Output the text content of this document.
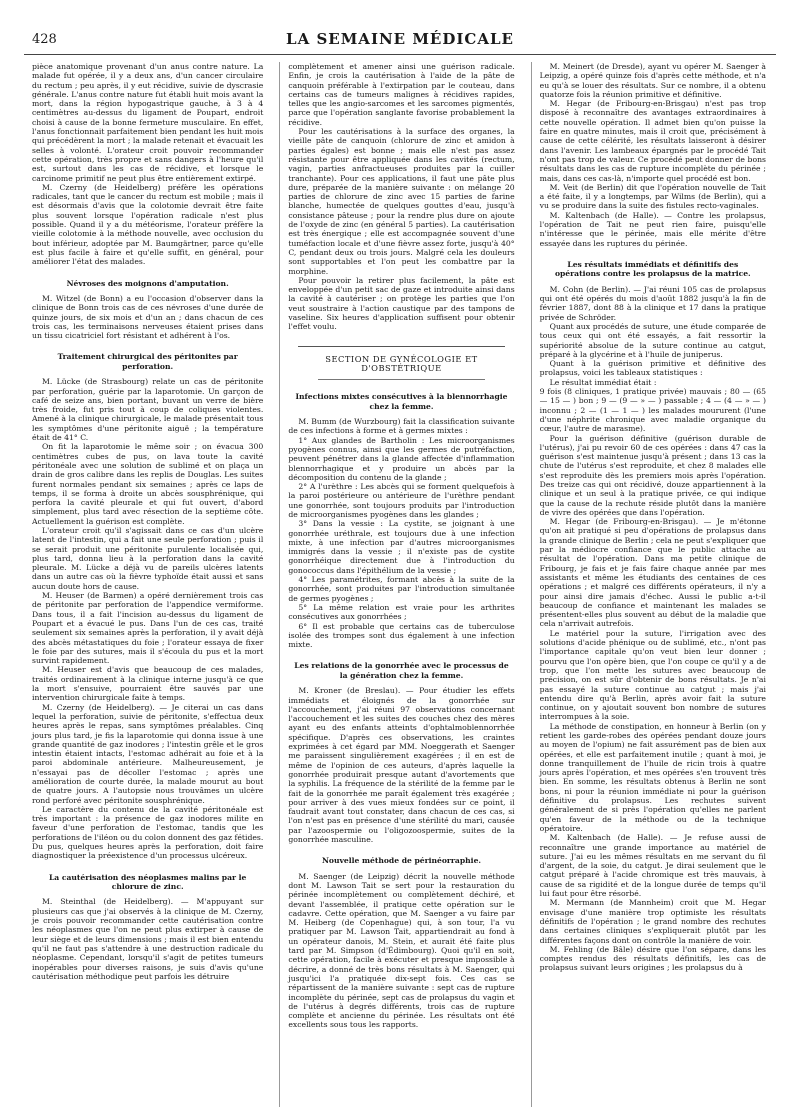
428	LA SEMAINE MÉDICALE

pièce anatomique provenant d'un anus contre nature. La malade fut opérée, il y a deux ans, d'un cancer circulaire du rectum ; peu après, il y eut récidive, suivie de dyscrasie générale. L'anus contre nature fut établi huit mois avant la mort, dans la région hypogastrique gauche, à 3 à 4 centimètres au-dessus du ligament de Poupart, endroit choisi à cause de la bonne fermeture musculaire. En effet, l'anus fonctionnait parfaitement bien pendant les huit mois qui précédèrent la mort ; la malade retenait et évacuait les selles à volonté. L'orateur croit pouvoir recommander cette opération, très propre et sans dangers à l'heure qu'il est, surtout dans les cas de récidive, et lorsque le carcinome primitif ne peut plus être entièrement extirpé.

M. Czerny (de Heidelberg) préfère les opérations radicales, tant que le cancer du rectum est mobile ; mais il est désormais d'avis que la colotomie devrait être faite plus souvent lorsque l'opération radicale n'est plus possible. Quand il y a du météorisme, l'orateur préfère la vieille colotomie à la méthode nouvelle, avec occlusion du bout inférieur, adoptée par M. Baumgärtner, parce qu'elle est plus facile à faire et qu'elle suffit, en général, pour améliorer l'état des malades.

Névroses des moignons d'amputation.

M. Witzel (de Bonn) a eu l'occasion d'observer dans la clinique de Bonn trois cas de ces névroses d'une durée de quinze jours, de six mois et d'un an ; dans chacun de ces trois cas, les terminaisons nerveuses étaient prises dans un tissu cicatriciel fort résistant et adhérent à l'os.

Traitement chirurgical des péritonites par perforation.

M. Lücke (de Strasbourg) relate un cas de péritonite par perforation, guérie par la laparotomie. Un garçon de café de seize ans, bien portant, buvant un verre de bière très froide, fut pris tout à coup de coliques violentes. Amené à la clinique chirurgicale, le malade présentait tous les symptômes d'une péritonite aiguë ; la température était de 41° C.

On fit la laparotomie le même soir ; on évacua 300 centimètres cubes de pus, on lava toute la cavité péritonéale avec une solution de sublimé et on plaça un drain de gros calibre dans les replis de Douglas. Les suites furent normales pendant six semaines ; après ce laps de temps, il se forma à droite un abcès sousphrénique, qui perfora la cavité pleurale et qui fut ouvert, d'abord simplement, plus tard avec résection de la septième côte. Actuellement la guérison est complète.

L'orateur croit qu'il s'agissait dans ce cas d'un ulcère latent de l'intestin, qui a fait une seule perforation ; puis il se serait produit une péritonite purulente localisée qui, plus tard, donna lieu à la perforation dans la cavité pleurale. M. Lücke a déjà vu de pareils ulcères latents dans un autre cas où la fièvre typhoïde était aussi et sans aucun doute hors de cause.

M. Heuser (de Barmen) a opéré dernièrement trois cas de péritonite par perforation de l'appendice vermiforme. Dans tous, il a fait l'incision au-dessus du ligament de Poupart et a évacué le pus. Dans l'un de ces cas, traité seulement six semaines après la perforation, il y avait déjà des abcès métastatiques du foie ; l'orateur essaya de fixer le foie par des sutures, mais il s'écoula du pus et la mort survint rapidement.

M. Heuser est d'avis que beaucoup de ces malades, traités ordinairement à la clinique interne jusqu'à ce que la mort s'ensuive, pourraient être sauvés par une intervention chirurgicale faite à temps.

M. Czerny (de Heidelberg). — Je citerai un cas dans lequel la perforation, suivie de péritonite, s'effectua deux heures après le repas, sans symptômes préalables. Cinq jours plus tard, je fis la laparotomie qui donna issue à une grande quantité de gaz inodores ; l'intestin grêle et le gros intestin étaient intacts, l'estomac adhérait au foie et à la paroi abdominale antérieure. Malheureusement, je n'essayai pas de décoller l'estomac ; après une amélioration de courte durée, la malade mourut au bout de quatre jours. A l'autopsie nous trouvâmes un ulcère rond perforé avec péritonite sousphrénique.

Le caractère du contenu de la cavité péritonéale est très important : la présence de gaz inodores milite en faveur d'une perforation de l'estomac, tandis que les perforations de l'iléon ou du colon donnent des gaz fétides. Du pus, quelques heures après la perforation, doit faire diagnostiquer la préexistence d'un processus ulcéreux.

La cautérisation des néoplasmes malins par le chlorure de zinc.

M. Steinthal (de Heidelberg). — M'appuyant sur plusieurs cas que j'ai observés à la clinique de M. Czerny, je crois pouvoir recommander cette cautérisation contre les néoplasmes que l'on ne peut plus extirper à cause de leur siège et de leurs dimensions ; mais il est bien entendu qu'il ne faut pas s'attendre à une destruction radicale du néoplasme. Cependant, lorsqu'il s'agit de petites tumeurs inopérables pour diverses raisons, je suis d'avis qu'une cautérisation méthodique peut parfois les détruire

complètement et amener ainsi une guérison radicale. Enfin, je crois la cautérisation à l'aide de la pâte de canquoin préférable à l'extirpation par le couteau, dans certains cas de tumeurs malignes à récidives rapides, telles que les angio-sarcomes et les sarcomes pigmentés, parce que l'opération sanglante favorise probablement la récidive.

Pour les cautérisations à la surface des organes, la vieille pâte de canquoin (chlorure de zinc et amidon à parties égales) est bonne ; mais elle n'est pas assez résistante pour être appliquée dans les cavités (rectum, vagin, parties anfractueuses produites par la cuiller tranchante). Pour ces applications, il faut une pâte plus dure, préparée de la manière suivante : on mélange 20 parties de chlorure de zinc avec 15 parties de farine blanche, humectée de quelques gouttes d'eau, jusqu'à consistance pâteuse ; pour la rendre plus dure on ajoute de l'oxyde de zinc (en général 5 parties). La cautérisation est très énergique ; elle est accompagnée souvent d'une tuméfaction locale et d'une fièvre assez forte, jusqu'à 40° C, pendant deux ou trois jours. Malgré cela les douleurs sont supportables et l'on peut les combattre par la morphine.

Pour pouvoir la retirer plus facilement, la pâte est enveloppée d'un petit sac de gaze et introduite ainsi dans la cavité à cautériser ; on protège les parties que l'on veut soustraire à l'action caustique par des tampons de vaseline. Six heures d'application suffisent pour obtenir l'effet voulu.

SECTION DE GYNÉCOLOGIE ET D'OBSTÉTRIQUE
Infections mixtes consécutives à la blennorrhagie chez la femme.

M. Bumm (de Wurzbourg) fait la classification suivante de ces infections à forme et à germes mixtes :

1° Aux glandes de Bartholin : Les microorganismes pyogènes connus, ainsi que les germes de putréfaction, peuvent pénétrer dans la glande affectée d'inflammation blennorrhagique et y produire un abcès par la décomposition du contenu de la glande ;

2° A l'urèthre : Les abcès qui se forment quelquefois à la paroi postérieure ou antérieure de l'urèthre pendant une gonorrhée, sont toujours produits par l'introduction de microorganismes pyogènes dans les glandes ;

3° Dans la vessie : La cystite, se joignant à une gonorrhée uréthrale, est toujours due à une infection mixte, à une infection par d'autres microorganismes immigrés dans la vessie ; il n'existe pas de cystite gonorrhéique directement due à l'introduction du gonococcus dans l'épithélium de la vessie ;

4° Les paramétrites, formant abcès à la suite de la gonorrhée, sont produites par l'introduction simultanée de germes pyogènes ;

5° La même relation est vraie pour les arthrites consécutives aux gonorrhées ;

6° Il est probable que certains cas de tuberculose isolée des trompes sont dus également à une infection mixte.

Les relations de la gonorrhée avec le processus de la génération chez la femme.

M. Kroner (de Breslau). — Pour étudier les effets immédiats et éloignés de la gonorrhée sur l'accouchement, j'ai réuni 97 observations concernant l'accouchement et les suites des couches chez des mères ayant eu des enfants atteints d'ophtalmoblennorrhée spécifique. D'après ces observations, les craintes exprimées à cet égard par MM. Noeggerath et Saenger me paraissent singulièrement exagérées ; il en est de même de l'opinion de ces auteurs, d'après laquelle la gonorrhée produirait presque autant d'avortements que la syphilis. La fréquence de la stérilité de la femme par le fait de la gonorrhée me paraît également très exagérée ; pour arriver à des vues mieux fondées sur ce point, il faudrait avant tout constater, dans chacun de ces cas, si l'on n'est pas en présence d'une stérilité du mari, causée par l'azoospermie ou l'oligozoospermie, suites de la gonorrhée masculine.

Nouvelle méthode de périnéorraphie.

M. Saenger (de Leipzig) décrit la nouvelle méthode dont M. Lawson Tait se sert pour la restauration du périnée incomplètement ou complètement déchiré, et devant l'assemblée, il pratique cette opération sur le cadavre. Cette opération, que M. Saenger a vu faire par M. Heiberg (de Copenhague) qui, à son tour, l'a vu pratiquer par M. Lawson Tait, appartiendrait au fond à un opérateur danois, M. Stein, et aurait été faite plus tard par M. Simpson (d'Édimbourg). Quoi qu'il en soit, cette opération, facile à exécuter et presque impossible à décrire, a donné de très bons résultats à M. Saenger, qui jusqu'ici l'a pratiquée dix-sept fois. Ces cas se répartissent de la manière suivante : sept cas de rupture incomplète du périnée, sept cas de prolapsus du vagin et de l'utérus à degrés différents, trois cas de rupture complète et ancienne du périnée. Les résultats ont été excellents sous tous les rapports.

M. Meinert (de Dresde), ayant vu opérer M. Saenger à Leipzig, a opéré quinze fois d'après cette méthode, et n'a eu qu'à se louer des résultats. Sur ce nombre, il a obtenu quatorze fois la réunion primitive et définitive.

M. Hegar (de Fribourg-en-Brisgau) n'est pas trop disposé à reconnaître des avantages extraordinaires à cette nouvelle opération. Il admet bien qu'on puisse la faire en quatre minutes, mais il croit que, précisément à cause de cette célérité, les résultats laisseront à désirer dans l'avenir. Les lambeaux épargnés par le procédé Tait n'ont pas trop de valeur. Ce procédé peut donner de bons résultats dans les cas de rupture incomplète du périnée ; mais, dans ces cas-là, n'importe quel procédé est bon.

M. Veit (de Berlin) dit que l'opération nouvelle de Tait a été faite, il y a longtemps, par Wilms (de Berlin), qui a vu se produire dans la suite des fistules recto-vaginales.

M. Kaltenbach (de Halle). — Contre les prolapsus, l'opération de Tait ne peut rien faire, puisqu'elle n'intéresse que le périnée, mais elle mérite d'être essayée dans les ruptures du périnée.

Les résultats immédiats et définitifs des opérations contre les prolapsus de la matrice.

M. Cohn (de Berlin). — J'ai réuni 105 cas de prolapsus qui ont été opérés du mois d'août 1882 jusqu'à la fin de février 1887, dont 88 à la clinique et 17 dans la pratique privée de Schröder.

Quant aux procédés de suture, une étude comparée de tous ceux qui ont été essayés, a fait ressortir la supériorité absolue de la suture continue au catgut, préparé à la glycérine et à l'huile de juniperus.

Quant à la guérison primitive et définitive des prolapsus, voici les tableaux statistiques :

Le résultat immédiat était :

9 fois (8 cliniques, 1 pratique privée) mauvais ; 80 — (65 — 15 — ) bon ; 9 — (9 — » — ) passable ; 4 — (4 — » — ) inconnu ; 2 — (1 — 1 — ) les malades moururent (l'une d'une néphrite chronique avec maladie organique du cœur, l'autre de marasme).

Pour la guérison définitive (guérison durable de l'utérus), j'ai pu revoir 60 de ces opérées : dans 47 cas la guérison s'est maintenue jusqu'à présent ; dans 13 cas la chute de l'utérus s'est reproduite, et chez 8 malades elle s'est reproduite dès les premiers mois après l'opération. Des treize cas qui ont récidivé, douze appartiennent à la clinique et un seul à la pratique privée, ce qui indique que la cause de la rechute réside plutôt dans la manière de vivre des opérées que dans l'opération.

M. Hegar (de Fribourg-en-Brisgau). — Je m'étonne qu'on ait pratiqué si peu d'opérations de prolapsus dans la grande clinique de Berlin ; cela ne peut s'expliquer que par la médiocre confiance que le public attache au résultat de l'opération. Dans ma petite clinique de Fribourg, je fais et je fais faire chaque année par mes assistants et même les étudiants des centaines de ces opérations ; et malgré ces différents opérateurs, il n'y a pour ainsi dire jamais d'échec. Aussi le public a-t-il beaucoup de confiance et maintenant les malades se présentent-elles plus souvent au début de la maladie que cela n'arrivait autrefois.

Le matériel pour la suture, l'irrigation avec des solutions d'acide phénique ou de sublimé, etc., n'ont pas l'importance capitale qu'on veut bien leur donner ; pourvu que l'on opère bien, que l'on coupe ce qu'il y a de trop, que l'on mette les sutures avec beaucoup de précision, on est sûr d'obtenir de bons résultats. Je n'ai pas essayé la suture continue au catgut ; mais j'ai entendu dire qu'à Berlin, après avoir fait la suture continue, on y ajoutait souvent bon nombre de sutures interrompues à la soie.

La méthode de constipation, en honneur à Berlin (on y retient les garde-robes des opérées pendant douze jours au moyen de l'opium) ne fait assurément pas de bien aux opérées, et elle est parfaitement inutile ; quant à moi, je donne tranquillement de l'huile de ricin trois à quatre jours après l'opération, et mes opérées s'en trouvent très bien. En somme, les résultats obtenus à Berlin ne sont bons, ni pour la réunion immédiate ni pour la guérison définitive du prolapsus. Les rechutes suivent généralement de si près l'opération qu'elles ne parlent qu'en faveur de la méthode ou de la technique opératoire.

M. Kaltenbach (de Halle). — Je refuse aussi de reconnaître une grande importance au matériel de suture. J'ai eu les mêmes résultats en me servant du fil d'argent, de la soie, du catgut. Je dirai seulement que le catgut préparé à l'acide chromique est très mauvais, à cause de sa rigidité et de la longue durée de temps qu'il lui faut pour être résorbé.

M. Mermann (de Mannheim) croit que M. Hegar envisage d'une manière trop optimiste les résultats définitifs de l'opération ; le grand nombre des rechutes dans certaines cliniques s'expliquerait plutôt par les différentes façons dont on contrôle la manière de voir.

M. Fehling (de Bâle) désire que l'on sépare, dans les comptes rendus des résultats définitifs, les cas de prolapsus suivant leurs origines ; les prolapsus du à
